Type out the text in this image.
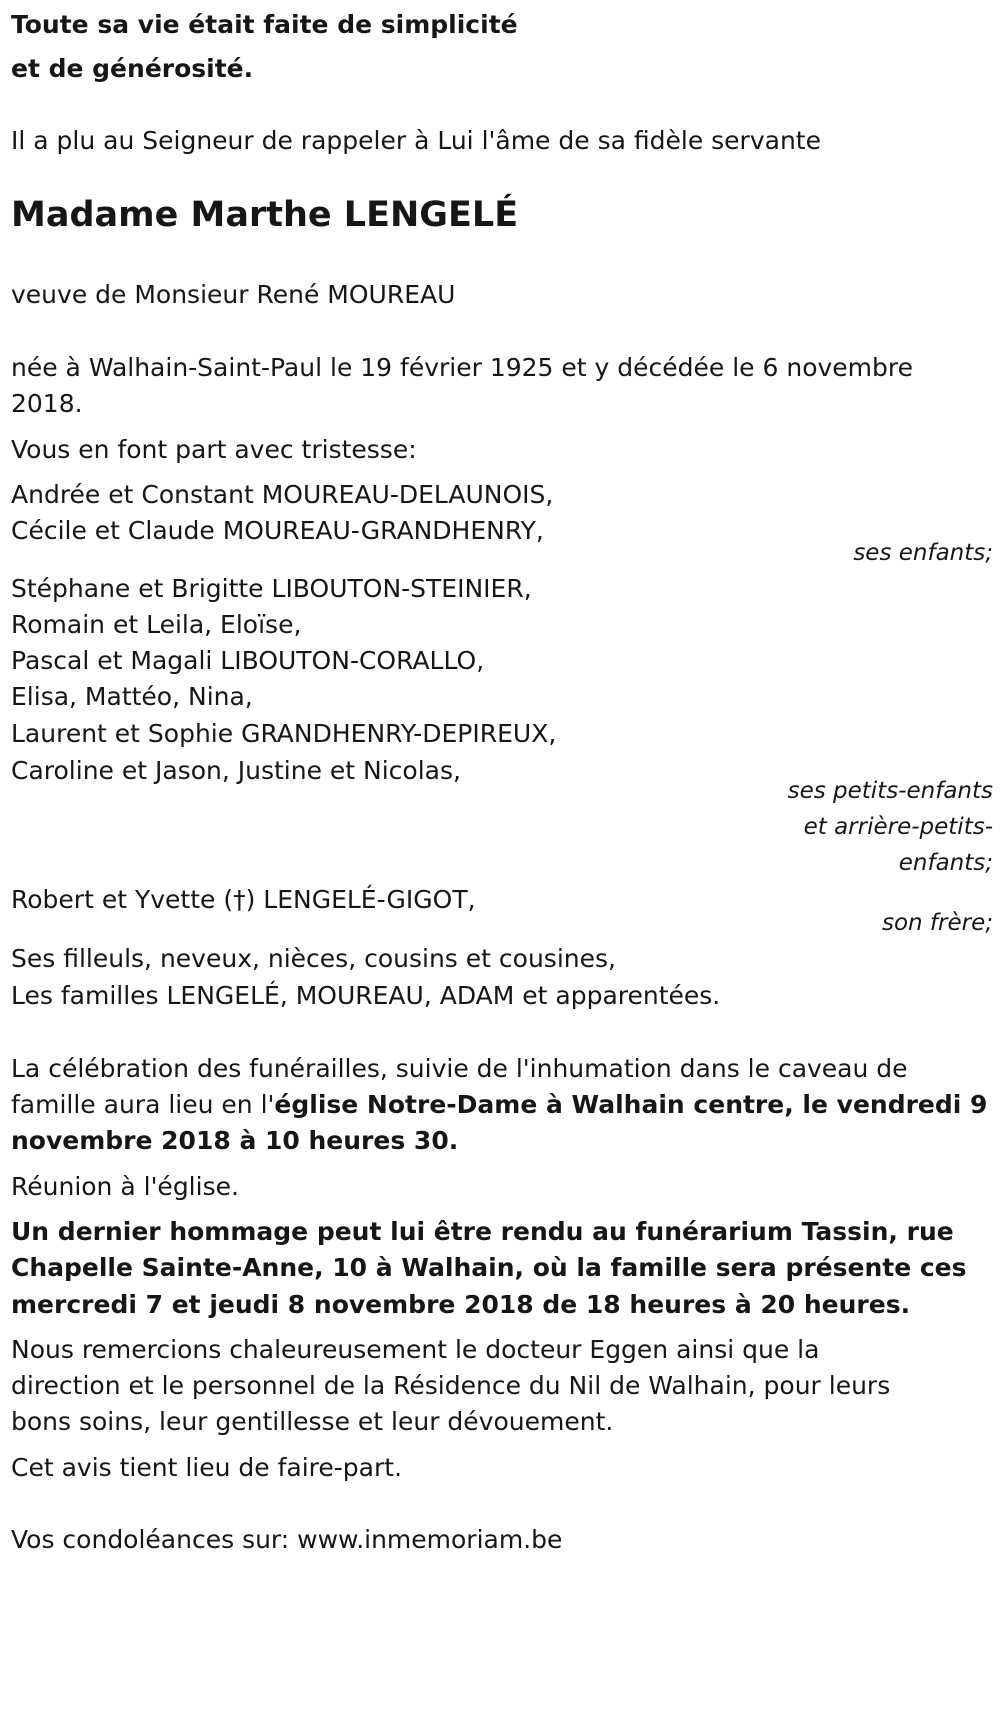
Toute sa vie était faite de simplicité
et de générosité.
Il a plu au Seigneur de rappeler à Lui l'âme de sa fidèle servante
Madame Marthe LENGELÉ
veuve de Monsieur René MOUREAU
née à Walhain-Saint-Paul le 19 février 1925 et y décédée le 6 novembre
2018.
Vous en font part avec tristesse:
Andrée et Constant MOUREAU-DELAUNOIS,
Cécile et Claude MOUREAU-GRANDHENRY,
ses enfants;
Stéphane et Brigitte LIBOUTON-STEINIER,
Romain et Leila, Eloïse,
Pascal et Magali LIBOUTON-CORALLO,
Elisa, Mattéo, Nina,
Laurent et Sophie GRANDHENRY-DEPIREUX,
Caroline et Jason, Justine et Nicolas,
ses petits-enfants
et arrière-petits-
enfants;
Robert et Yvette (†) LENGELÉ-GIGOT,
son frère;
Ses filleuls, neveux, nièces, cousins et cousines,
Les familles LENGELÉ, MOUREAU, ADAM et apparentées.
La célébration des funérailles, suivie de l'inhumation dans le caveau de
famille aura lieu en l'église Notre-Dame à Walhain centre, le vendredi 9
novembre 2018 à 10 heures 30.
Réunion à l'église.
Un dernier hommage peut lui être rendu au funérarium Tassin, rue
Chapelle Sainte-Anne, 10 à Walhain, où la famille sera présente ces
mercredi 7 et jeudi 8 novembre 2018 de 18 heures à 20 heures.
Nous remercions chaleureusement le docteur Eggen ainsi que la
direction et le personnel de la Résidence du Nil de Walhain, pour leurs
bons soins, leur gentillesse et leur dévouement.
Cet avis tient lieu de faire-part.
Vos condoléances sur: www.inmemoriam.be
